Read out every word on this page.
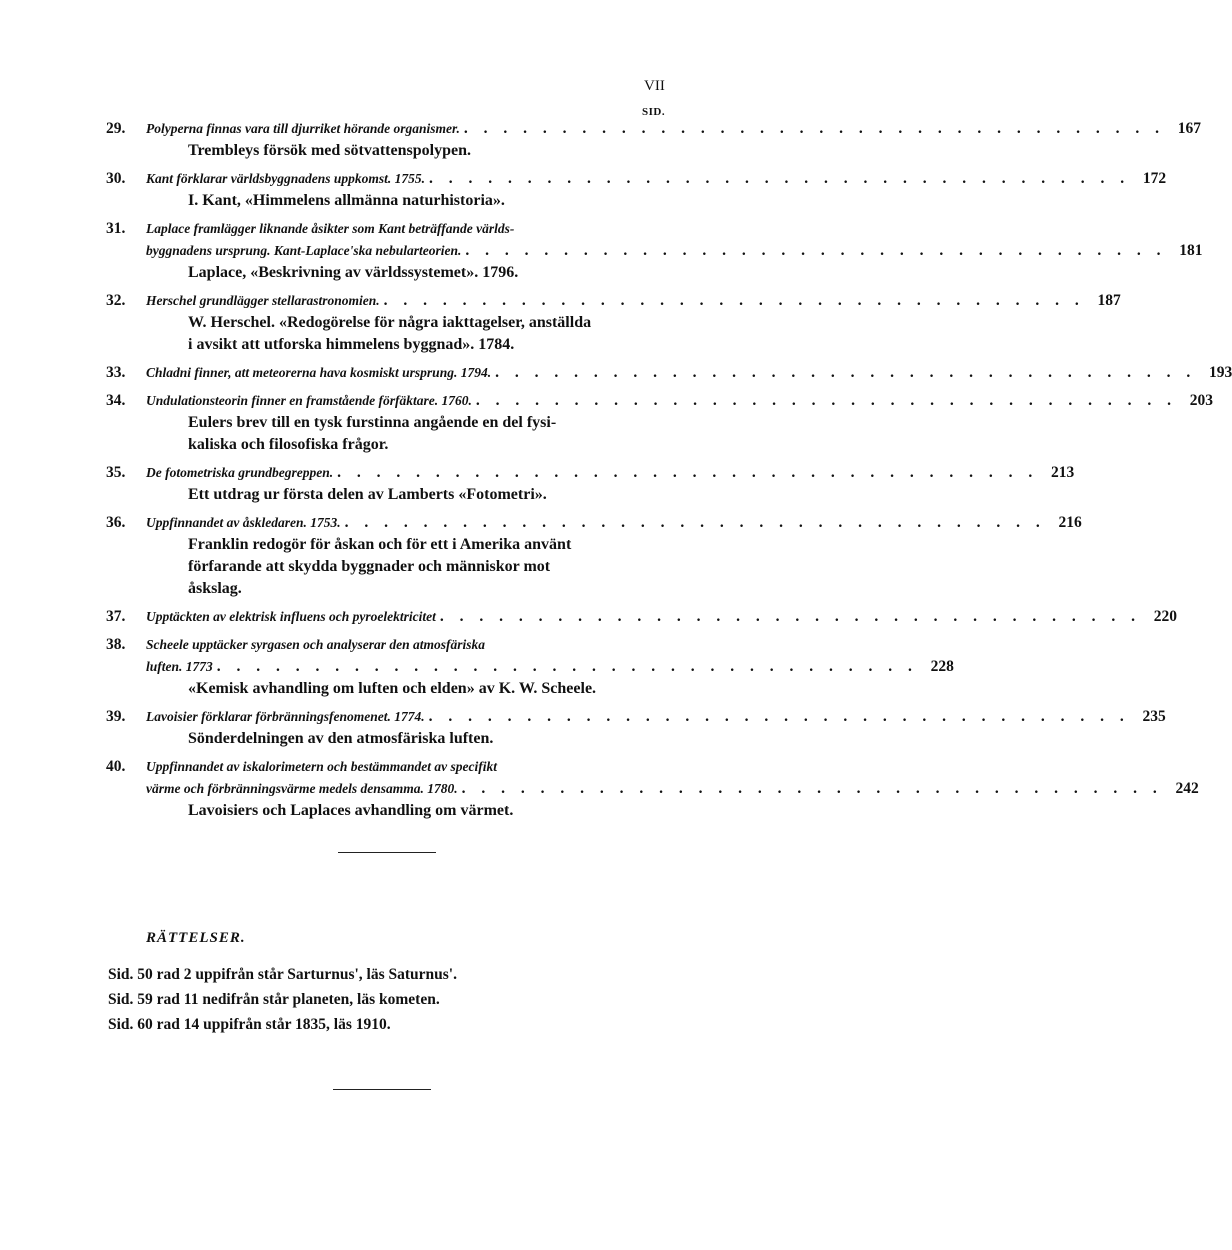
VII
SID.
29.	Polyperna finnas vara till djurriket hörande organismer. . . . . . . . . . . . . . . . . . . . . . . . . . . . . . . . . . . . . 167
Trembleys försök med sötvattenspolypen.
30.	Kant förklarar världsbyggnadens uppkomst. 1755. . . . . . . . . . . . . . . . . . . . . . . . . . . . . . . . . . . . . 172
I. Kant, «Himmelens allmänna naturhistoria».
31.	Laplace framlägger liknande åsikter som Kant beträffande världs-
byggnadens ursprung. Kant-Laplace'ska nebularteorien. . . . . . . . . . . . . . . . . . . . . . . . . . . . . . . . . . . . . 181
Laplace, «Beskrivning av världssystemet». 1796.
32.	Herschel grundlägger stellarastronomien. . . . . . . . . . . . . . . . . . . . . . . . . . . . . . . . . . . . . 187
W. Herschel. «Redogörelse för några iakttagelser, anställda
i avsikt att utforska himmelens byggnad». 1784.
33.	Chladni finner, att meteorerna hava kosmiskt ursprung. 1794. . . . . . . . . . . . . . . . . . . . . . . . . . . . . . . . . . . . . 193
34.	Undulationsteorin finner en framstående förfäktare. 1760. . . . . . . . . . . . . . . . . . . . . . . . . . . . . . . . . . . . . 203
Eulers brev till en tysk furstinna angående en del fysi-
kaliska och filosofiska frågor.
35.	De fotometriska grundbegreppen. . . . . . . . . . . . . . . . . . . . . . . . . . . . . . . . . . . . . 213
Ett utdrag ur första delen av Lamberts «Fotometri».
36.	Uppfinnandet av åskledaren. 1753. . . . . . . . . . . . . . . . . . . . . . . . . . . . . . . . . . . . . 216
Franklin redogör för åskan och för ett i Amerika använt
förfarande att skydda byggnader och människor mot
åskslag.
37.	Upptäckten av elektrisk influens och pyroelektricitet . . . . . . . . . . . . . . . . . . . . . . . . . . . . . . . . . . . . 220
38.	Scheele upptäcker syrgasen och analyserar den atmosfäriska
luften. 1773 . . . . . . . . . . . . . . . . . . . . . . . . . . . . . . . . . . . . 228
«Kemisk avhandling om luften och elden» av K. W. Scheele.
39.	Lavoisier förklarar förbränningsfenomenet. 1774. . . . . . . . . . . . . . . . . . . . . . . . . . . . . . . . . . . . . 235
Sönderdelningen av den atmosfäriska luften.
40.	Uppfinnandet av iskalorimetern och bestämmandet av specifikt
värme och förbränningsvärme medels densamma. 1780. . . . . . . . . . . . . . . . . . . . . . . . . . . . . . . . . . . . . 242
Lavoisiers och Laplaces avhandling om värmet.
RÄTTELSER.
Sid. 50 rad 2 uppifrån står Sarturnus', läs Saturnus'.
Sid. 59 rad 11 nedifrån står planeten, läs kometen.
Sid. 60 rad 14 uppifrån står 1835, läs 1910.
